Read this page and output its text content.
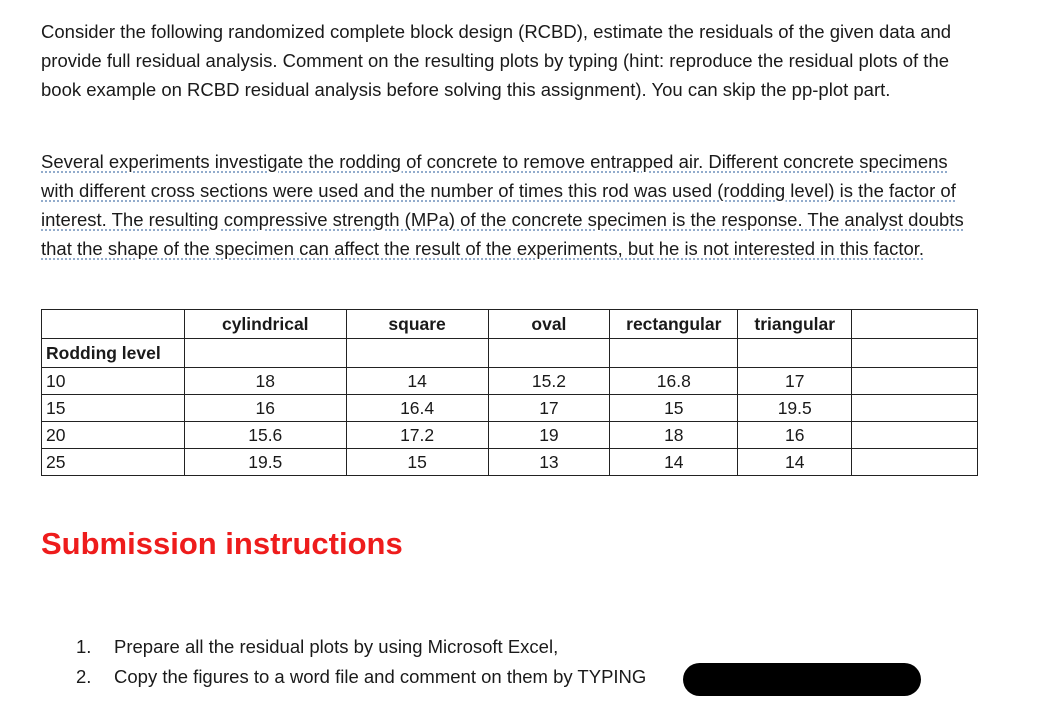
Consider the following randomized complete block design (RCBD), estimate the residuals of the given data and provide full residual analysis. Comment on the resulting plots by typing (hint: reproduce the residual plots of the book example on RCBD residual analysis before solving this assignment). You can skip the pp-plot part.

Several experiments investigate the rodding of concrete to remove entrapped air. Different concrete specimens with different cross sections were used and the number of times this rod was used (rodding level) is the factor of interest. The resulting compressive strength (MPa) of the concrete specimen is the response. The analyst doubts that the shape of the specimen can affect the result of the experiments, but he is not interested in this factor.

	cylindrical	square	oval	rectangular	triangular	
Rodding level						
10	18	14	15.2	16.8	17	
15	16	16.4	17	15	19.5	
20	15.6	17.2	19	18	16	
25	19.5	15	13	14	14	
Submission instructions
1.	Prepare all the residual plots by using Microsoft Excel,
2.	Copy the figures to a word file and comment on them by TYPING
